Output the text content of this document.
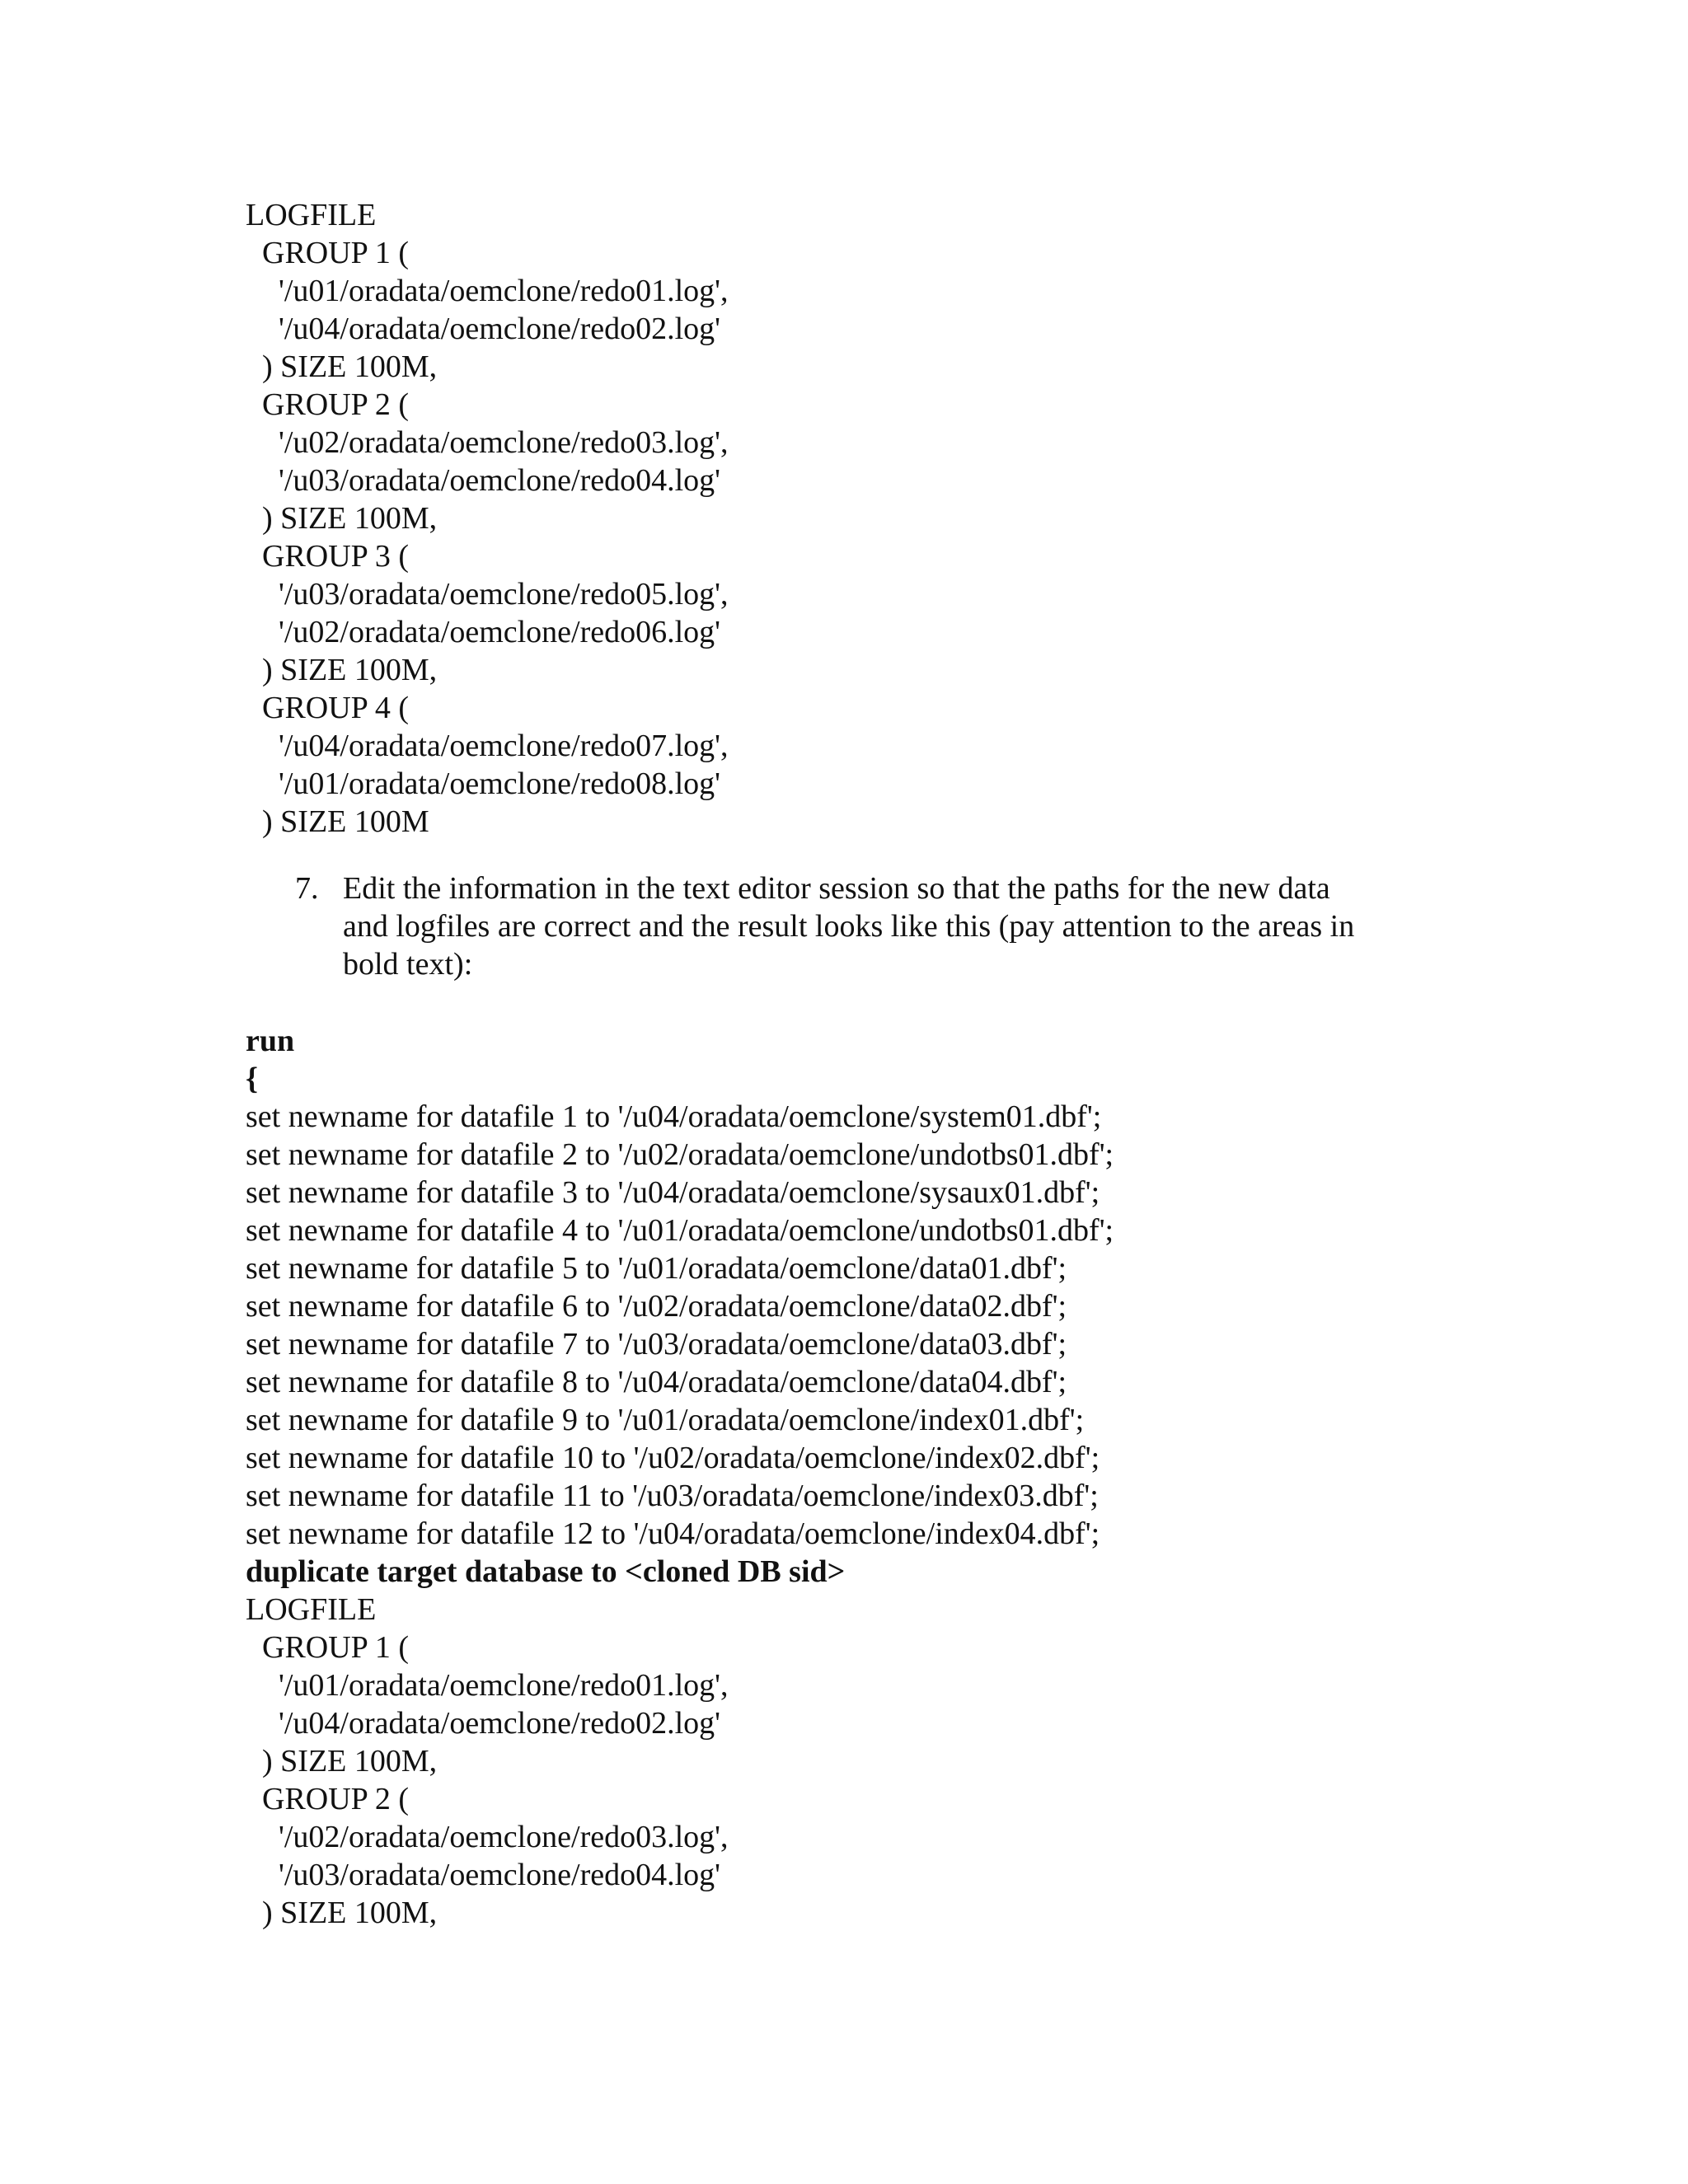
LOGFILE
GROUP 1 (
'/u01/oradata/oemclone/redo01.log',
'/u04/oradata/oemclone/redo02.log'
) SIZE 100M,
GROUP 2 (
'/u02/oradata/oemclone/redo03.log',
'/u03/oradata/oemclone/redo04.log'
) SIZE 100M,
GROUP 3 (
'/u03/oradata/oemclone/redo05.log',
'/u02/oradata/oemclone/redo06.log'
) SIZE 100M,
GROUP 4 (
'/u04/oradata/oemclone/redo07.log',
'/u01/oradata/oemclone/redo08.log'
) SIZE 100M
7. Edit the information in the text editor session so that the paths for the new data
and logfiles are correct and the result looks like this (pay attention to the areas in
bold text):
run
{
set newname for datafile 1 to '/u04/oradata/oemclone/system01.dbf';
set newname for datafile 2 to '/u02/oradata/oemclone/undotbs01.dbf';
set newname for datafile 3 to '/u04/oradata/oemclone/sysaux01.dbf';
set newname for datafile 4 to '/u01/oradata/oemclone/undotbs01.dbf';
set newname for datafile 5 to '/u01/oradata/oemclone/data01.dbf';
set newname for datafile 6 to '/u02/oradata/oemclone/data02.dbf';
set newname for datafile 7 to '/u03/oradata/oemclone/data03.dbf';
set newname for datafile 8 to '/u04/oradata/oemclone/data04.dbf';
set newname for datafile 9 to '/u01/oradata/oemclone/index01.dbf';
set newname for datafile 10 to '/u02/oradata/oemclone/index02.dbf';
set newname for datafile 11 to '/u03/oradata/oemclone/index03.dbf';
set newname for datafile 12 to '/u04/oradata/oemclone/index04.dbf';
duplicate target database to <cloned DB sid>
LOGFILE
GROUP 1 (
'/u01/oradata/oemclone/redo01.log',
'/u04/oradata/oemclone/redo02.log'
) SIZE 100M,
GROUP 2 (
'/u02/oradata/oemclone/redo03.log',
'/u03/oradata/oemclone/redo04.log'
) SIZE 100M,
